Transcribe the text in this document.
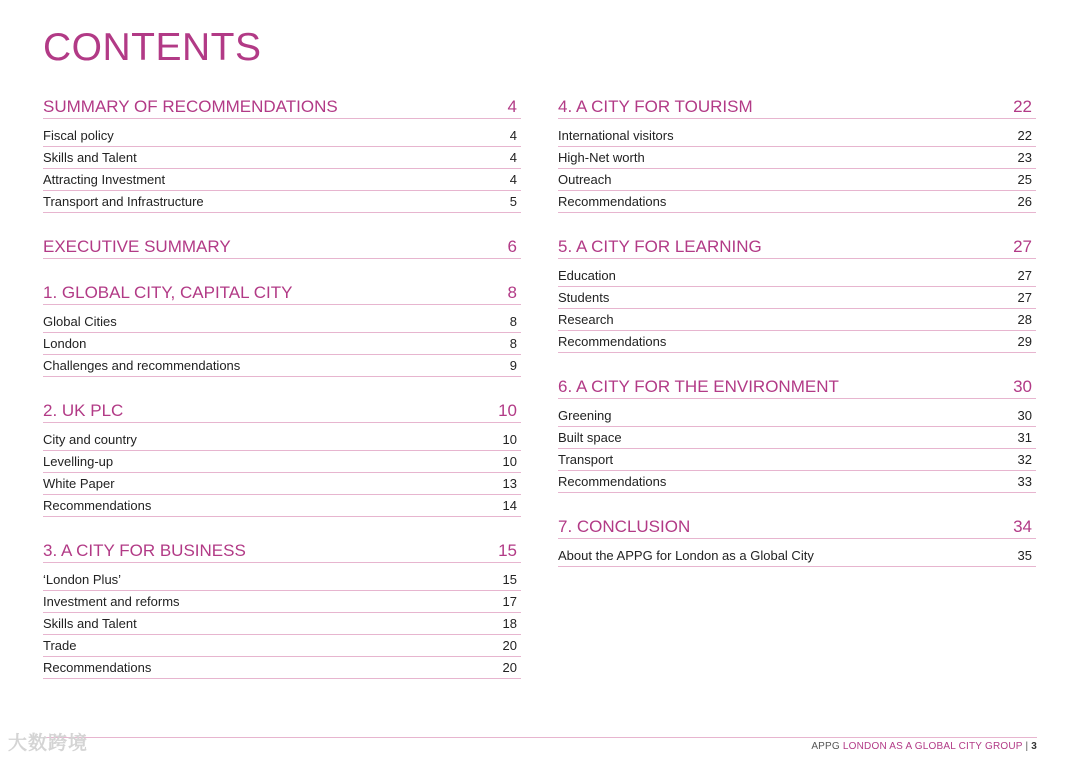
CONTENTS
SUMMARY OF RECOMMENDATIONS	4
Fiscal policy	4
Skills and Talent	4
Attracting Investment	4
Transport and Infrastructure	5
EXECUTIVE SUMMARY	6
1. GLOBAL CITY, CAPITAL CITY	8
Global Cities	8
London	8
Challenges and recommendations	9
2. UK PLC	10
City and country	10
Levelling-up	10
White Paper	13
Recommendations	14
3. A CITY FOR BUSINESS	15
‘London Plus’	15
Investment and reforms	17
Skills and Talent	18
Trade	20
Recommendations	20
4. A CITY FOR TOURISM	22
International visitors	22
High-Net worth	23
Outreach	25
Recommendations	26
5. A CITY FOR LEARNING	27
Education	27
Students	27
Research	28
Recommendations	29
6. A CITY FOR THE ENVIRONMENT	30
Greening	30
Built space	31
Transport	32
Recommendations	33
7. CONCLUSION	34
About the APPG for London as a Global City	35
APPG LONDON AS A GLOBAL CITY GROUP | 3
大数跨境
